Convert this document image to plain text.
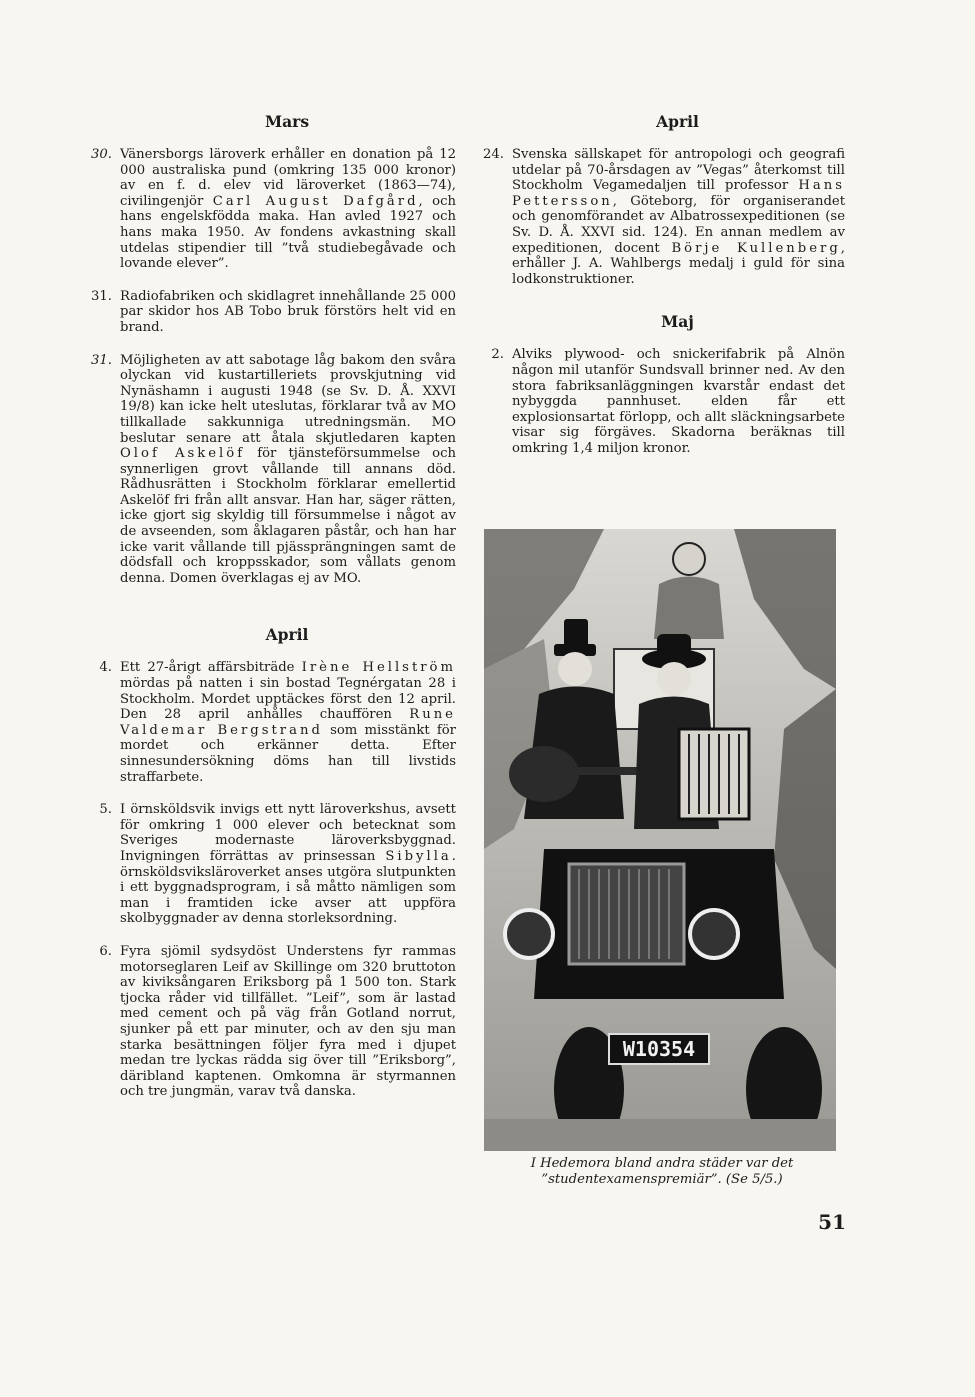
Mars
30. Vänersborgs läroverk erhåller en donation på 12 000 australiska pund (omkring 135 000 kronor) av en f. d. elev vid läroverket (1863—74), civilingenjör Carl August Dafgård, och hans engelskfödda maka. Han avled 1927 och hans maka 1950. Av fondens avkastning skall utdelas stipendier till ”två studiebegåvade och lovande elever”.
31. Radiofabriken och skidlagret innehållande 25 000 par skidor hos AB Tobo bruk förstörs helt vid en brand.
31. Möjligheten av att sabotage låg bakom den svåra olyckan vid kustartilleriets provskjutning vid Nynäshamn i augusti 1948 (se Sv. D. Å. XXVI 19/8) kan icke helt uteslutas, förklarar två av MO tillkallade sakkunniga utredningsmän. MO beslutar senare att åtala skjutledaren kapten Olof Askelöf för tjänsteförsummelse och synnerligen grovt vållande till annans död. Rådhusrätten i Stockholm förklarar emellertid Askelöf fri från allt ansvar. Han har, säger rätten, icke gjort sig skyldig till försummelse i något av de avseenden, som åklagaren påstår, och han har icke varit vållande till pjässprängningen samt de dödsfall och kroppsskador, som vållats genom denna. Domen överklagas ej av MO.
April
4. Ett 27-årigt affärsbiträde Irène Hellström mördas på natten i sin bostad Tegnérgatan 28 i Stockholm. Mordet upptäckes först den 12 april. Den 28 april anhålles chauffören Rune Valdemar Bergstrand som misstänkt för mordet och erkänner detta. Efter sinnesundersökning döms han till livstids straffarbete.
5. I örnsköldsvik invigs ett nytt läroverkshus, avsett för omkring 1 000 elever och betecknat som Sveriges modernaste läroverksbyggnad. Invigningen förrättas av prinsessan Sibylla. örnsköldsviksläroverket anses utgöra slutpunkten i ett byggnadsprogram, i så måtto nämligen som man i framtiden icke avser att uppföra skolbyggnader av denna storleksordning.
6. Fyra sjömil sydsydöst Understens fyr rammas motorseglaren Leif av Skillinge om 320 bruttoton av kiviksångaren Eriksborg på 1 500 ton. Stark tjocka råder vid tillfället. ”Leif”, som är lastad med cement och på väg från Gotland norrut, sjunker på ett par minuter, och av den sju man starka besättningen följer fyra med i djupet medan tre lyckas rädda sig över till ”Eriksborg”, däribland kaptenen. Omkomna är styrmannen och tre jungmän, varav två danska.
April
24. Svenska sällskapet för antropologi och geografi utdelar på 70-årsdagen av ”Vegas” återkomst till Stockholm Vegamedaljen till professor Hans Pettersson, Göteborg, för organiserandet och genomförandet av Albatrossexpeditionen (se Sv. D. Å. XXVI sid. 124). En annan medlem av expeditionen, docent Börje Kullenberg, erhåller J. A. Wahlbergs medalj i guld för sina lodkonstruktioner.
Maj
2. Alviks plywood- och snickerifabrik på Alnön någon mil utanför Sundsvall brinner ned. Av den stora fabriksanläggningen kvarstår endast det nybyggda pannhuset. elden får ett explosionsartat förlopp, och allt släckningsarbete visar sig förgäves. Skadorna beräknas till omkring 1,4 miljon kronor.
W10354
I Hedemora bland andra städer var det ”studentexamenspremiär”. (Se 5/5.)
51
